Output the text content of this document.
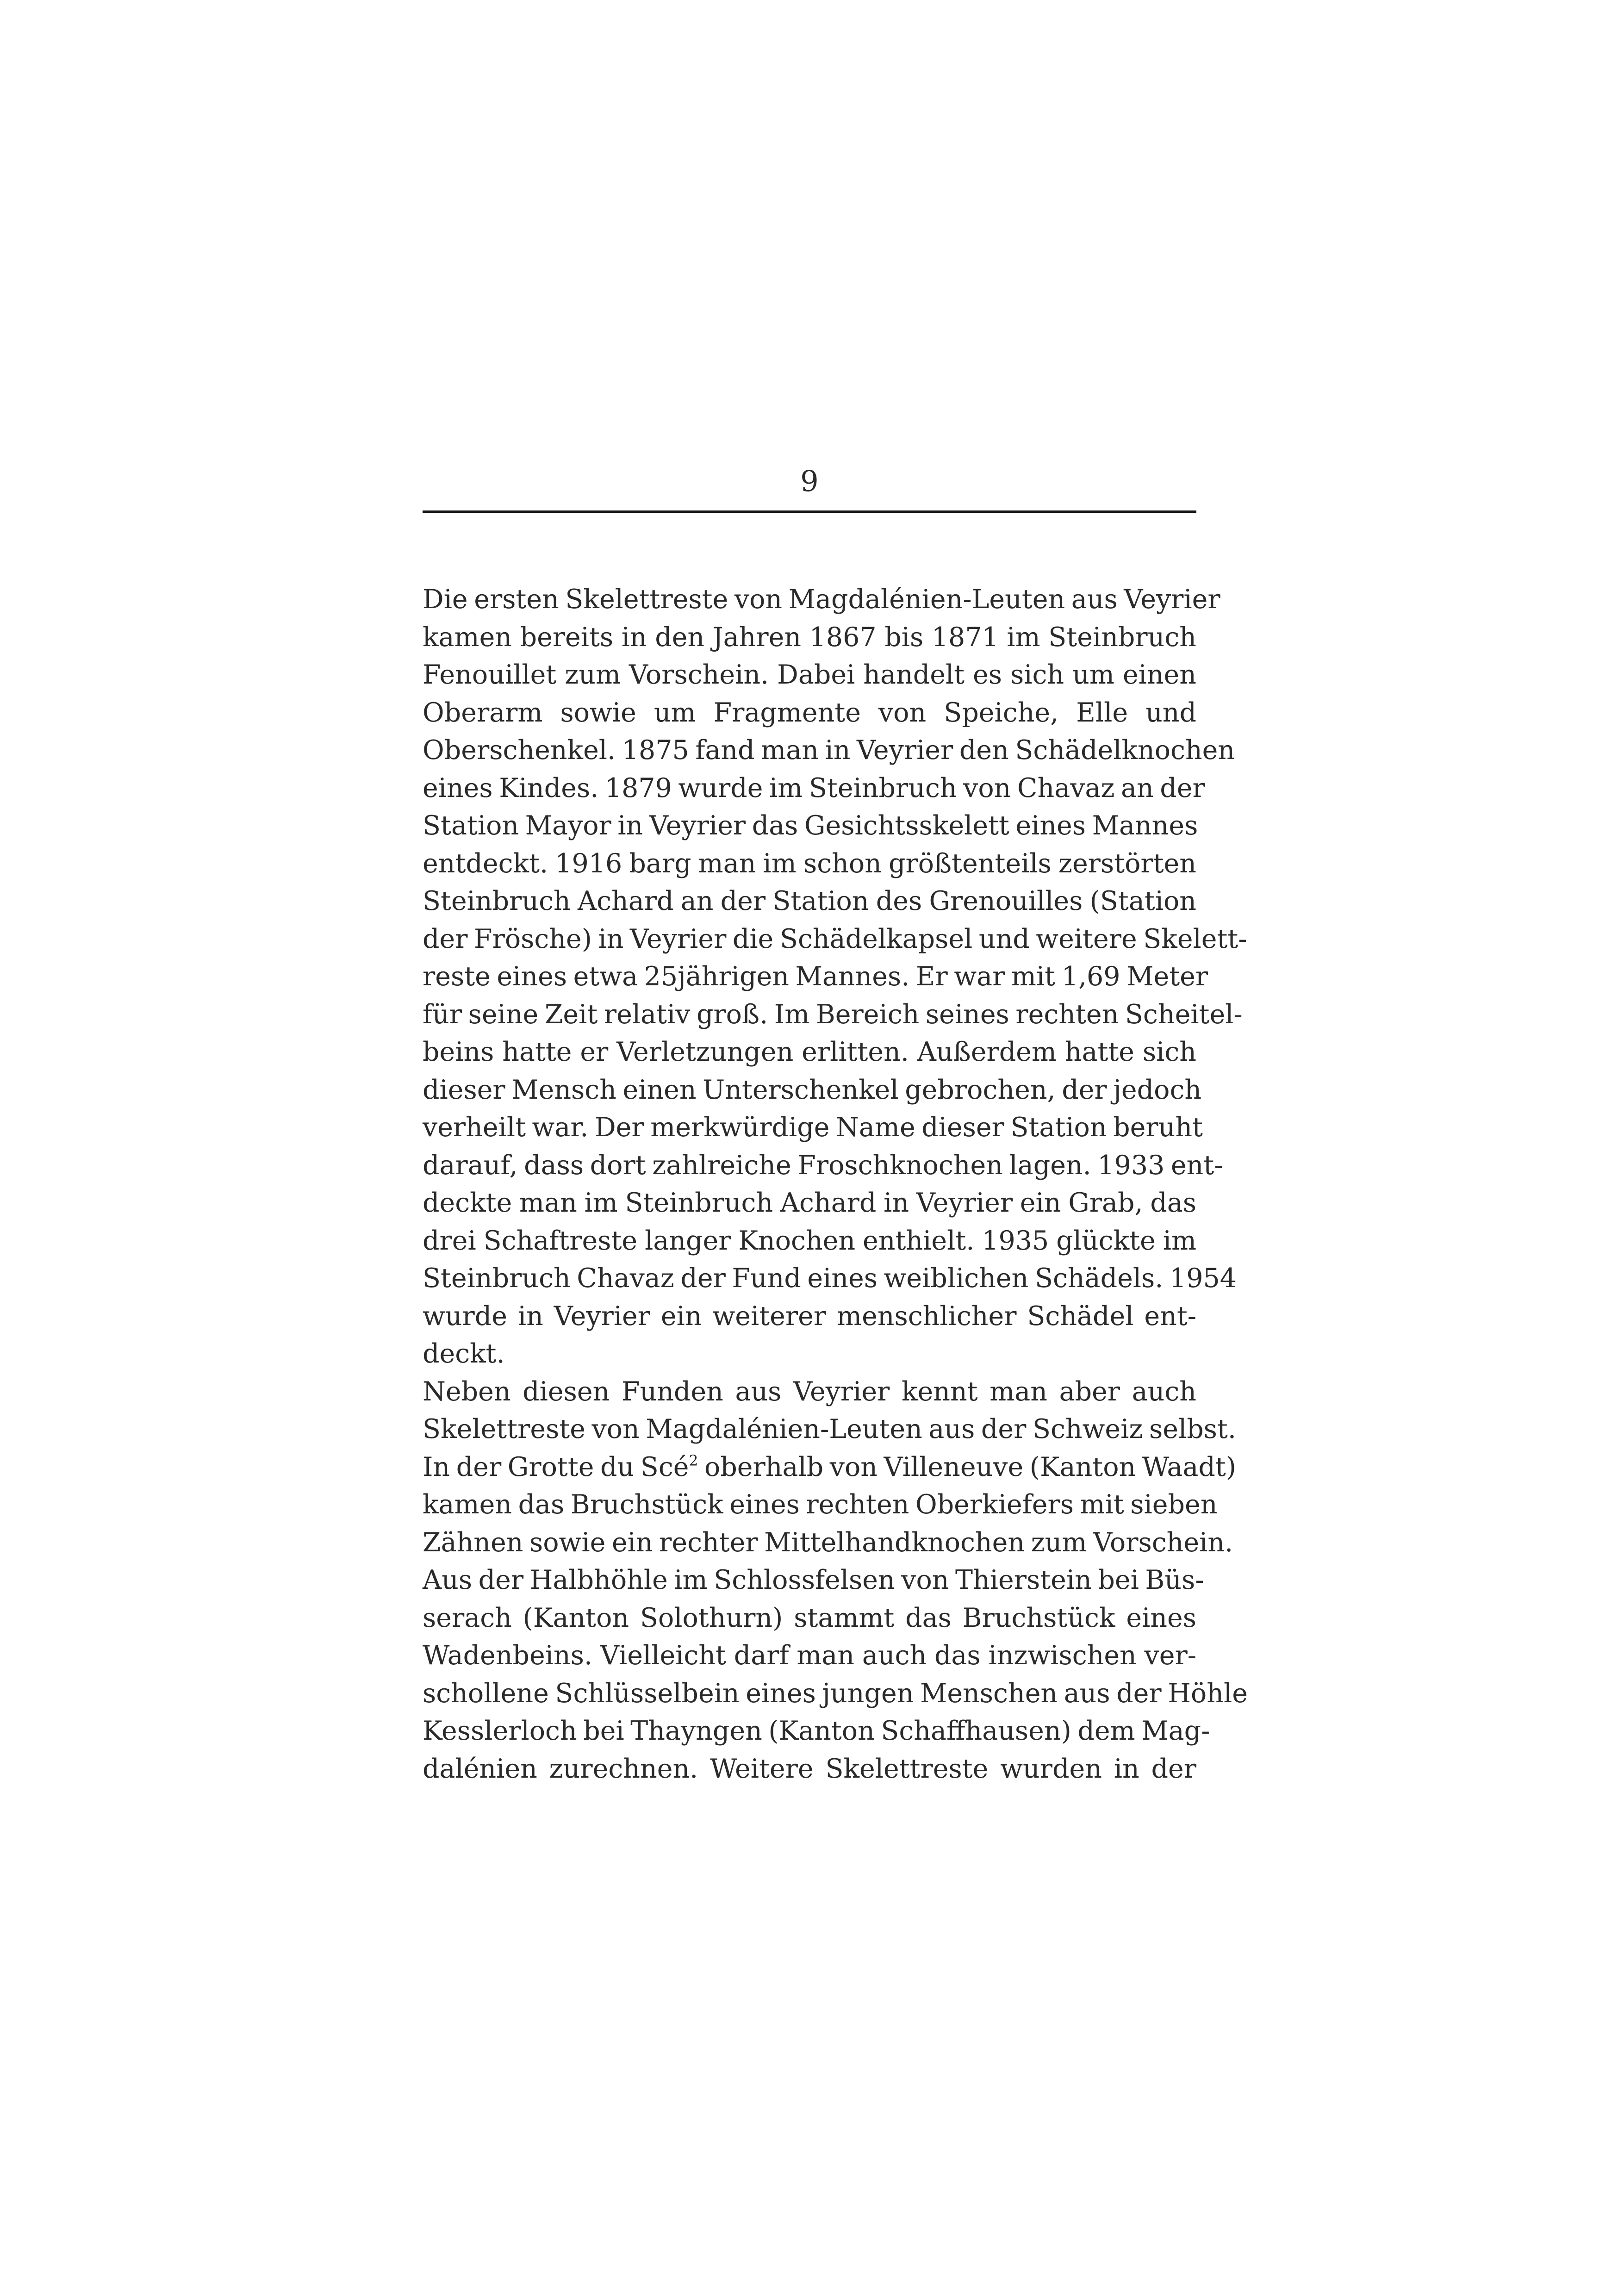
9
Die ersten Skelettreste von Magdalénien-Leuten aus Veyrier
kamen bereits in den Jahren 1867 bis 1871 im Steinbruch
Fenouillet zum Vorschein. Dabei handelt es sich um einen
Oberarm sowie um Fragmente von Speiche, Elle und
Oberschenkel. 1875 fand man in Veyrier den Schädelknochen
eines Kindes. 1879 wurde im Steinbruch von Chavaz an der
Station Mayor in Veyrier das Gesichtsskelett eines Mannes
entdeckt. 1916 barg man im schon größtenteils zerstörten
Steinbruch Achard an der Station des Grenouilles (Station
der Frösche) in Veyrier die Schädelkapsel und weitere Skelett-
reste eines etwa 25jährigen Mannes. Er war mit 1,69 Meter
für seine Zeit relativ groß. Im Bereich seines rechten Scheitel-
beins hatte er Verletzungen erlitten. Außerdem hatte sich
dieser Mensch einen Unterschenkel gebrochen, der jedoch
verheilt war. Der merkwürdige Name dieser Station beruht
darauf, dass dort zahlreiche Froschknochen lagen. 1933 ent-
deckte man im Steinbruch Achard in Veyrier ein Grab, das
drei Schaftreste langer Knochen enthielt. 1935 glückte im
Steinbruch Chavaz der Fund eines weiblichen Schädels. 1954
wurde in Veyrier ein weiterer menschlicher Schädel ent-
deckt.
Neben diesen Funden aus Veyrier kennt man aber auch
Skelettreste von Magdalénien-Leuten aus der Schweiz selbst.
In der Grotte du Scé$^2$ oberhalb von Villeneuve (Kanton Waadt)
kamen das Bruchstück eines rechten Oberkiefers mit sieben
Zähnen sowie ein rechter Mittelhandknochen zum Vorschein.
Aus der Halbhöhle im Schlossfelsen von Thierstein bei Büs-
serach (Kanton Solothurn) stammt das Bruchstück eines
Wadenbeins. Vielleicht darf man auch das inzwischen ver-
schollene Schlüsselbein eines jungen Menschen aus der Höhle
Kesslerloch bei Thayngen (Kanton Schaffhausen) dem Mag-
dalénien zurechnen. Weitere Skelettreste wurden in der
